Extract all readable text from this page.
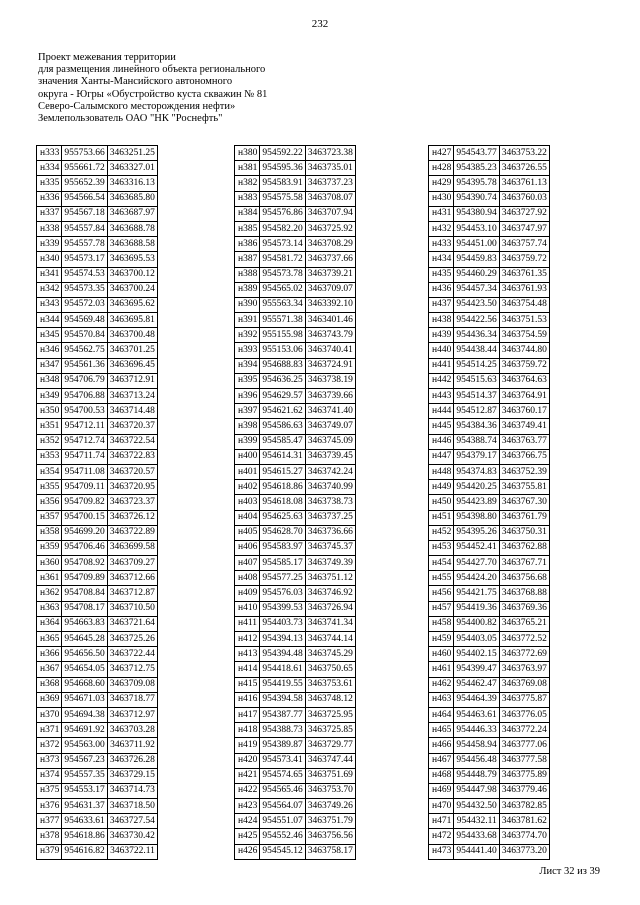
232
Проект межевания территории
для размещения линейного объекта регионального
значения Ханты-Мансийского автономного
округа - Югры «Обустройство куста скважин № 81
Северо-Салымского месторождения нефти»
Землепользователь ОАО "НК "Роснефть"
н333	955753.66	3463251.25
н334	955661.72	3463327.01
н335	955652.39	3463316.13
н336	954566.54	3463685.80
н337	954567.18	3463687.97
н338	954557.84	3463688.78
н339	954557.78	3463688.58
н340	954573.17	3463695.53
н341	954574.53	3463700.12
н342	954573.35	3463700.24
н343	954572.03	3463695.62
н344	954569.48	3463695.81
н345	954570.84	3463700.48
н346	954562.75	3463701.25
н347	954561.36	3463696.45
н348	954706.79	3463712.91
н349	954706.88	3463713.24
н350	954700.53	3463714.48
н351	954712.11	3463720.37
н352	954712.74	3463722.54
н353	954711.74	3463722.83
н354	954711.08	3463720.57
н355	954709.11	3463720.95
н356	954709.82	3463723.37
н357	954700.15	3463726.12
н358	954699.20	3463722.89
н359	954706.46	3463699.58
н360	954708.92	3463709.27
н361	954709.89	3463712.66
н362	954708.84	3463712.87
н363	954708.17	3463710.50
н364	954663.83	3463721.64
н365	954645.28	3463725.26
н366	954656.50	3463722.44
н367	954654.05	3463712.75
н368	954668.60	3463709.08
н369	954671.03	3463718.77
н370	954694.38	3463712.97
н371	954691.92	3463703.28
н372	954563.00	3463711.92
н373	954567.23	3463726.28
н374	954557.35	3463729.15
н375	954553.17	3463714.73
н376	954631.37	3463718.50
н377	954633.61	3463727.54
н378	954618.86	3463730.42
н379	954616.82	3463722.11
н380	954592.22	3463723.38
н381	954595.36	3463735.01
н382	954583.91	3463737.23
н383	954575.58	3463708.07
н384	954576.86	3463707.94
н385	954582.20	3463725.92
н386	954573.14	3463708.29
н387	954581.72	3463737.66
н388	954573.78	3463739.21
н389	954565.02	3463709.07
н390	955563.34	3463392.10
н391	955571.38	3463401.46
н392	955155.98	3463743.79
н393	955153.06	3463740.41
н394	954688.83	3463724.91
н395	954636.25	3463738.19
н396	954629.57	3463739.66
н397	954621.62	3463741.40
н398	954586.63	3463749.07
н399	954585.47	3463745.09
н400	954614.31	3463739.45
н401	954615.27	3463742.24
н402	954618.86	3463740.99
н403	954618.08	3463738.73
н404	954625.63	3463737.25
н405	954628.70	3463736.66
н406	954583.97	3463745.37
н407	954585.17	3463749.39
н408	954577.25	3463751.12
н409	954576.03	3463746.92
н410	954399.53	3463726.94
н411	954403.73	3463741.34
н412	954394.13	3463744.14
н413	954394.48	3463745.29
н414	954418.61	3463750.65
н415	954419.55	3463753.61
н416	954394.58	3463748.12
н417	954387.77	3463725.95
н418	954388.73	3463725.85
н419	954389.87	3463729.77
н420	954573.41	3463747.44
н421	954574.65	3463751.69
н422	954565.46	3463753.70
н423	954564.07	3463749.26
н424	954551.07	3463751.79
н425	954552.46	3463756.56
н426	954545.12	3463758.17
н427	954543.77	3463753.22
н428	954385.23	3463726.55
н429	954395.78	3463761.13
н430	954390.74	3463760.03
н431	954380.94	3463727.92
н432	954453.10	3463747.97
н433	954451.00	3463757.74
н434	954459.83	3463759.72
н435	954460.29	3463761.35
н436	954457.34	3463761.93
н437	954423.50	3463754.48
н438	954422.56	3463751.53
н439	954436.34	3463754.59
н440	954438.44	3463744.80
н441	954514.25	3463759.72
н442	954515.63	3463764.63
н443	954514.37	3463764.91
н444	954512.87	3463760.17
н445	954384.36	3463749.41
н446	954388.74	3463763.77
н447	954379.17	3463766.75
н448	954374.83	3463752.39
н449	954420.25	3463755.81
н450	954423.89	3463767.30
н451	954398.80	3463761.79
н452	954395.26	3463750.31
н453	954452.41	3463762.88
н454	954427.70	3463767.71
н455	954424.20	3463756.68
н456	954421.75	3463768.88
н457	954419.36	3463769.36
н458	954400.82	3463765.21
н459	954403.05	3463772.52
н460	954402.15	3463772.69
н461	954399.47	3463763.97
н462	954462.47	3463769.08
н463	954464.39	3463775.87
н464	954463.61	3463776.05
н465	954446.33	3463772.24
н466	954458.94	3463777.06
н467	954456.48	3463777.58
н468	954448.79	3463775.89
н469	954447.98	3463779.46
н470	954432.50	3463782.85
н471	954432.11	3463781.62
н472	954433.68	3463774.70
н473	954441.40	3463773.20
Лист 32 из 39
